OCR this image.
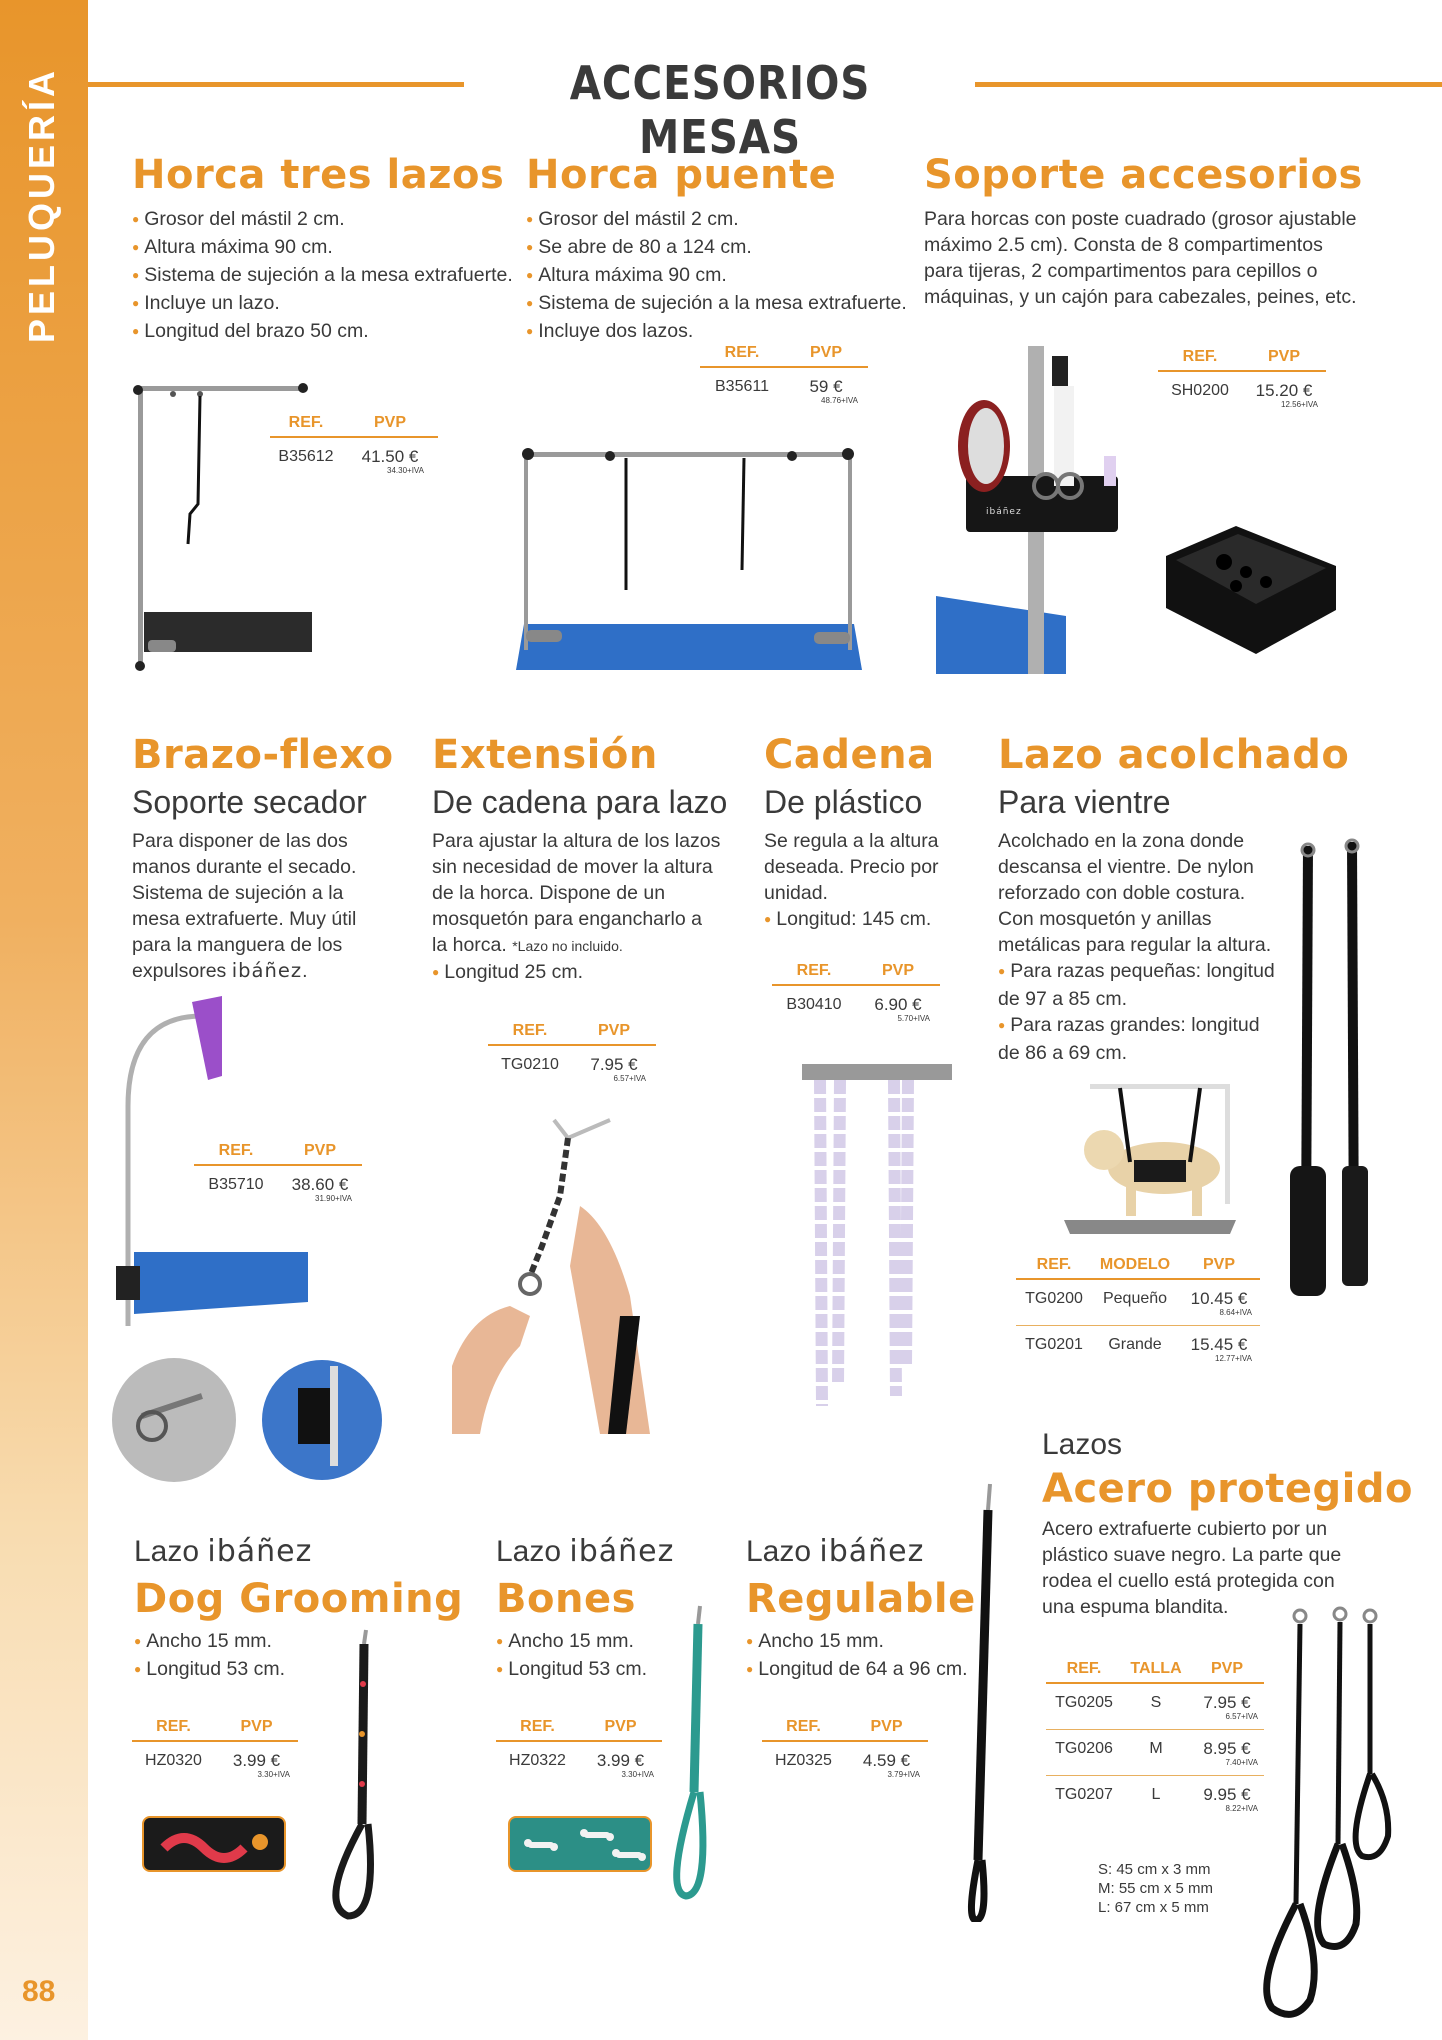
PELUQUERÍA
88
ACCESORIOS MESAS
Horca tres lazos
● Grosor del mástil 2 cm.
● Altura máxima 90 cm.
● Sistema de sujeción a la mesa extrafuerte.
● Incluye un lazo.
● Longitud del brazo 50 cm.
REF.	PVP
B35612	41.50 €
34.30+IVA
Horca puente
● Grosor del mástil 2 cm.
● Se abre de 80 a 124 cm.
● Altura máxima 90 cm.
● Sistema de sujeción a la mesa extrafuerte.
● Incluye dos lazos.
REF.	PVP
B35611	59 €
48.76+IVA
Soporte accesorios
Para horcas con poste cuadrado (grosor ajustable
máximo 2.5 cm). Consta de 8 compartimentos
para tijeras, 2 compartimentos para cepillos o
máquinas, y un cajón para cabezales, peines, etc.
REF.	PVP
SH0200	15.20 €
12.56+IVA
ibáñez
Brazo-flexo
Soporte secador
Para disponer de las dos
manos durante el secado.
Sistema de sujeción a la
mesa extrafuerte. Muy útil
para la manguera de los
expulsores ibáñez.
REF.	PVP
B35710	38.60 €
31.90+IVA
Extensión
De cadena para lazo
Para ajustar la altura de los lazos
sin necesidad de mover la altura
de la horca. Dispone de un
mosquetón para engancharlo a
la horca. *Lazo no incluido.
● Longitud 25 cm.
REF.	PVP
TG0210	7.95 €
6.57+IVA
Cadena
De plástico
Se regula a la altura
deseada. Precio por
unidad.
● Longitud: 145 cm.
REF.	PVP
B30410	6.90 €
5.70+IVA
Lazo acolchado
Para vientre
Acolchado en la zona donde
descansa el vientre. De nylon
reforzado con doble costura.
Con mosquetón y anillas
metálicas para regular la altura.
● Para razas pequeñas: longitud
de 97 a 85 cm.
● Para razas grandes: longitud
de 86 a 69 cm.
REF.	MODELO	PVP
TG0200	Pequeño	10.45 €
8.64+IVA
TG0201	Grande	15.45 €
12.77+IVA
Lazo ibáñez
Dog Grooming
● Ancho 15 mm.
● Longitud 53 cm.
REF.	PVP
HZ0320	3.99 €
3.30+IVA
Lazo ibáñez
Bones
● Ancho 15 mm.
● Longitud 53 cm.
REF.	PVP
HZ0322	3.99 €
3.30+IVA
Lazo ibáñez
Regulable
● Ancho 15 mm.
● Longitud de 64 a 96 cm.
REF.	PVP
HZ0325	4.59 €
3.79+IVA
Lazos
Acero protegido
Acero extrafuerte cubierto por un
plástico suave negro. La parte que
rodea el cuello está protegida con
una espuma blandita.
REF.	TALLA	PVP
TG0205	S	7.95 €
6.57+IVA
TG0206	M	8.95 €
7.40+IVA
TG0207	L	9.95 €
8.22+IVA
S: 45 cm x 3 mm
M: 55 cm x 5 mm
L: 67 cm x 5 mm
